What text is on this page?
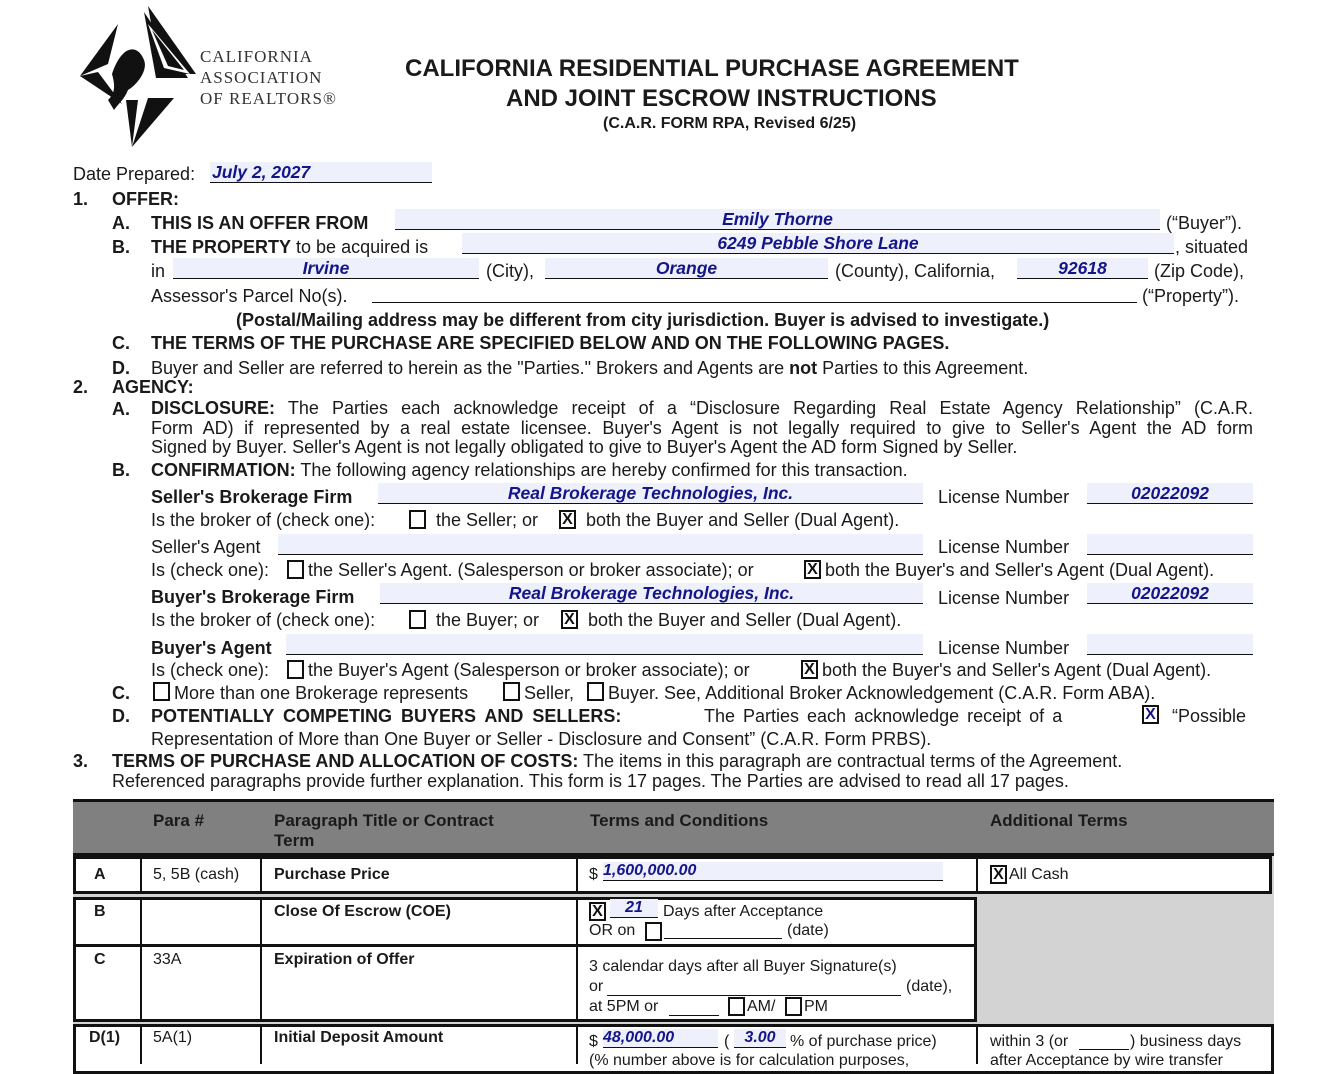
CALIFORNIA
ASSOCIATION
OF REALTORS®
CALIFORNIA RESIDENTIAL PURCHASE AGREEMENT
AND JOINT ESCROW INSTRUCTIONS
(C.A.R. FORM RPA, Revised 6/25)
Date Prepared: July 2, 2027
1. OFFER:
A. THIS IS AN OFFER FROM	Emily Thorne	(“Buyer”).
B. THE PROPERTY to be acquired is	6249 Pebble Shore Lane	, situated
in	Irvine	(City),	Orange	(County), California,	92618	(Zip Code),
Assessor's Parcel No(s).	(“Property”).
(Postal/Mailing address may be different from city jurisdiction. Buyer is advised to investigate.)
C. THE TERMS OF THE PURCHASE ARE SPECIFIED BELOW AND ON THE FOLLOWING PAGES.
D. Buyer and Seller are referred to herein as the "Parties." Brokers and Agents are not Parties to this Agreement.
2. AGENCY:
A. DISCLOSURE: The Parties each acknowledge receipt of a “Disclosure Regarding Real Estate Agency Relationship” (C.A.R.
Form AD) if represented by a real estate licensee. Buyer's Agent is not legally required to give to Seller's Agent the AD form
Signed by Buyer. Seller's Agent is not legally obligated to give to Buyer's Agent the AD form Signed by Seller.
B. CONFIRMATION: The following agency relationships are hereby confirmed for this transaction.
Seller's Brokerage Firm	Real Brokerage Technologies, Inc.	License Number	02022092
Is the broker of (check one):	the Seller; or X both the Buyer and Seller (Dual Agent).
Seller's Agent	License Number
Is (check one): the Seller's Agent. (Salesperson or broker associate); or	X both the Buyer's and Seller's Agent (Dual Agent).
Buyer's Brokerage Firm	Real Brokerage Technologies, Inc.	License Number	02022092
Is the broker of (check one):	the Buyer; or X both the Buyer and Seller (Dual Agent).
Buyer's Agent	License Number
Is (check one): the Buyer's Agent (Salesperson or broker associate); or	X both the Buyer's and Seller's Agent (Dual Agent).
C. More than one Brokerage represents	Seller, Buyer. See, Additional Broker Acknowledgement (C.A.R. Form ABA).
D. POTENTIALLY COMPETING BUYERS AND SELLERS:	The Parties each acknowledge receipt of a	X “Possible
Representation of More than One Buyer or Seller - Disclosure and Consent” (C.A.R. Form PRBS).
3. TERMS OF PURCHASE AND ALLOCATION OF COSTS: The items in this paragraph are contractual terms of the Agreement.
Referenced paragraphs provide further explanation. This form is 17 pages. The Parties are advised to read all 17 pages.
Para #	Paragraph Title or Contract
Term
Terms and Conditions	Additional Terms
A	5, 5B (cash) Purchase Price	$ 1,600,000.00	X All Cash
B	Close Of Escrow (COE)	X	21	Days after Acceptance
OR on	(date)
C	33A	Expiration of Offer	3 calendar days after all Buyer Signature(s)
or	(date),
at 5PM or	AM/ PM
D(1) 5A(1)	Initial Deposit Amount	$ 48,000.00	( 3.00 % of purchase price)
(% number above is for calculation purposes,
within 3 (or	) business days
after Acceptance by wire transfer
